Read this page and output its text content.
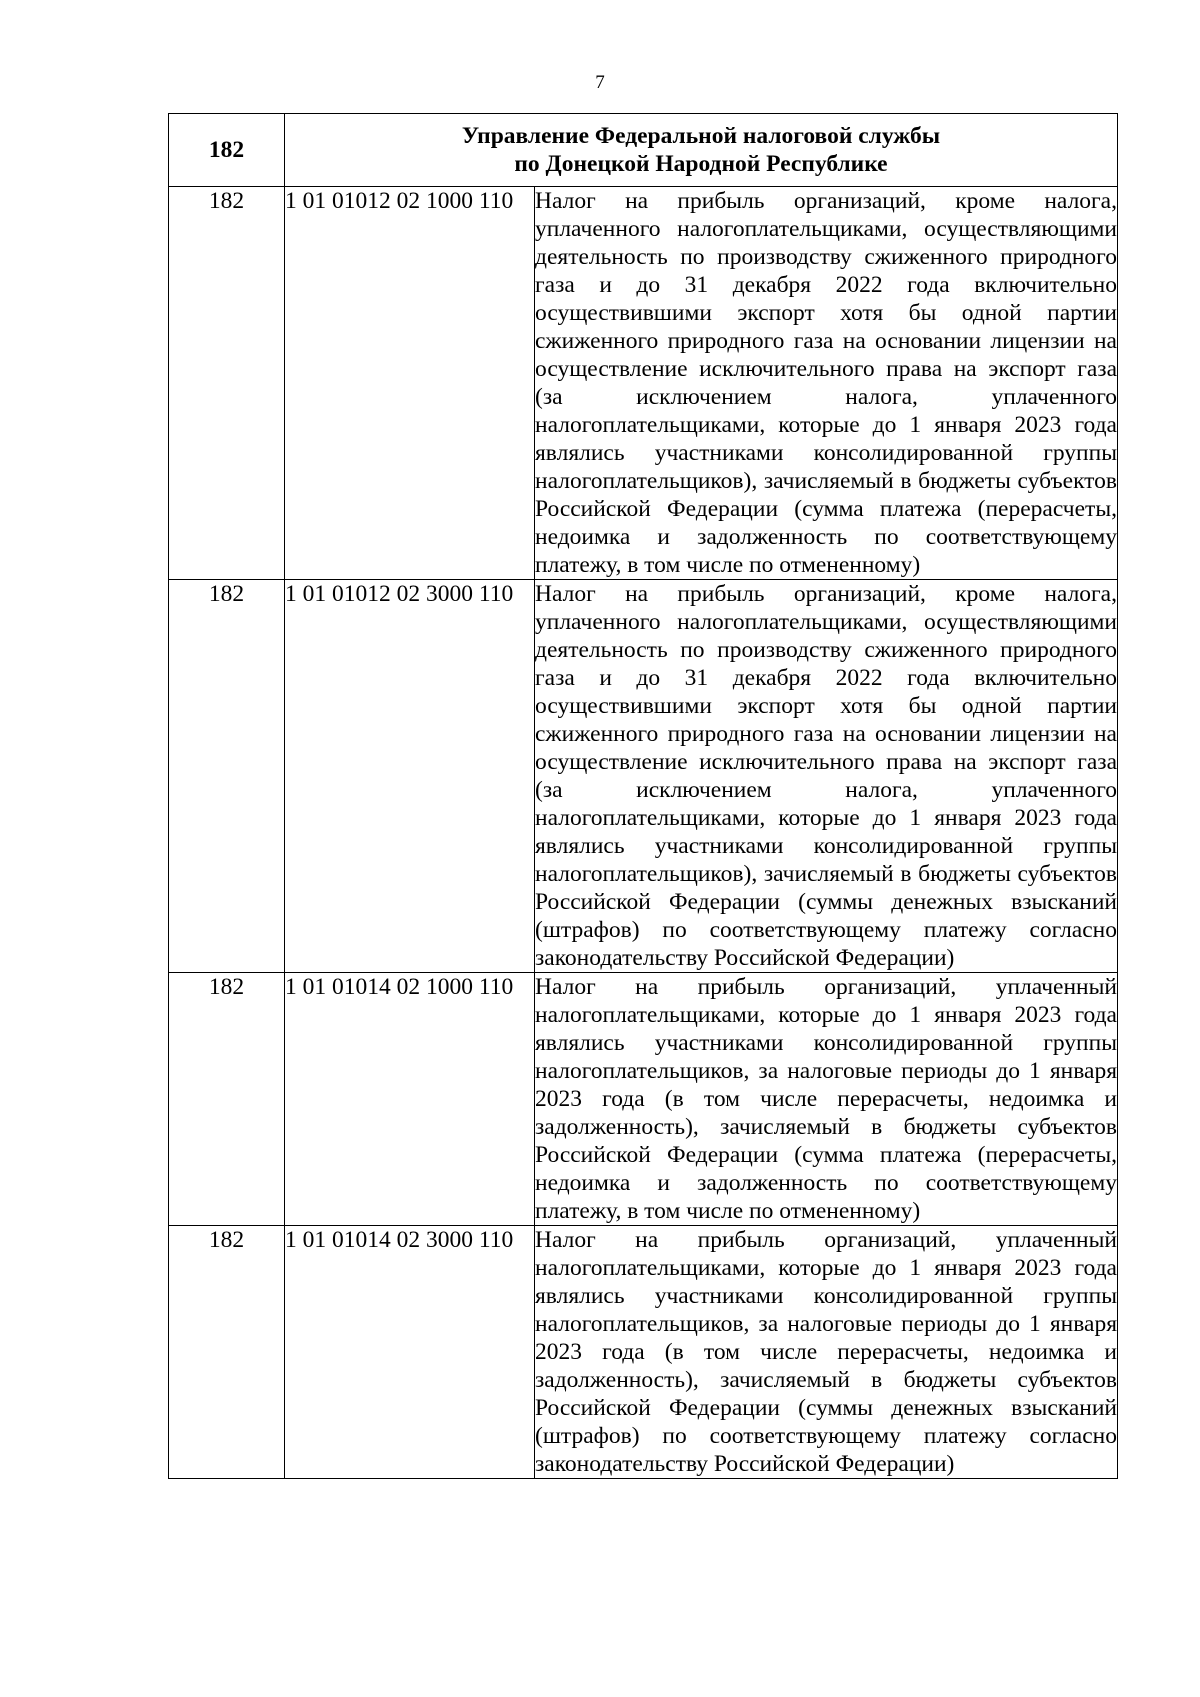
7
182	Управление Федеральной налоговой службы
по Донецкой Народной Республике	

182	1 01 01012 02 1000 110	Налог на прибыль организаций, кроме налога, уплаченного налогоплательщиками, осуществляющими деятельность по производству сжиженного природного газа и до 31 декабря 2022 года включительно осуществившими экспорт хотя бы одной партии сжиженного природного газа на основании лицензии на осуществление исключительного права на экспорт газа (за исключением налога, уплаченного налогоплательщиками, которые до 1 января 2023 года являлись участниками консолидированной группы налогоплательщиков), зачисляемый в бюджеты субъектов Российской Федерации (сумма платежа (перерасчеты, недоимка и задолженность по соответствующему платежу, в том числе по отмененному)
182	1 01 01012 02 3000 110	Налог на прибыль организаций, кроме налога, уплаченного налогоплательщиками, осуществляющими деятельность по производству сжиженного природного газа и до 31 декабря 2022 года включительно осуществившими экспорт хотя бы одной партии сжиженного природного газа на основании лицензии на осуществление исключительного права на экспорт газа (за исключением налога, уплаченного налогоплательщиками, которые до 1 января 2023 года являлись участниками консолидированной группы налогоплательщиков), зачисляемый в бюджеты субъектов Российской Федерации (суммы денежных взысканий (штрафов) по соответствующему платежу согласно законодательству Российской Федерации)
182	1 01 01014 02 1000 110	Налог на прибыль организаций, уплаченный налогоплательщиками, которые до 1 января 2023 года являлись участниками консолидированной группы налогоплательщиков, за налоговые периоды до 1 января 2023 года (в том числе перерасчеты, недоимка и задолженность), зачисляемый в бюджеты субъектов Российской Федерации (сумма платежа (перерасчеты, недоимка и задолженность по соответствующему платежу, в том числе по отмененному)
182	1 01 01014 02 3000 110	Налог на прибыль организаций, уплаченный налогоплательщиками, которые до 1 января 2023 года являлись участниками консолидированной группы налогоплательщиков, за налоговые периоды до 1 января 2023 года (в том числе перерасчеты, недоимка и задолженность), зачисляемый в бюджеты субъектов Российской Федерации (суммы денежных взысканий (штрафов) по соответствующему платежу согласно законодательству Российской Федерации)
